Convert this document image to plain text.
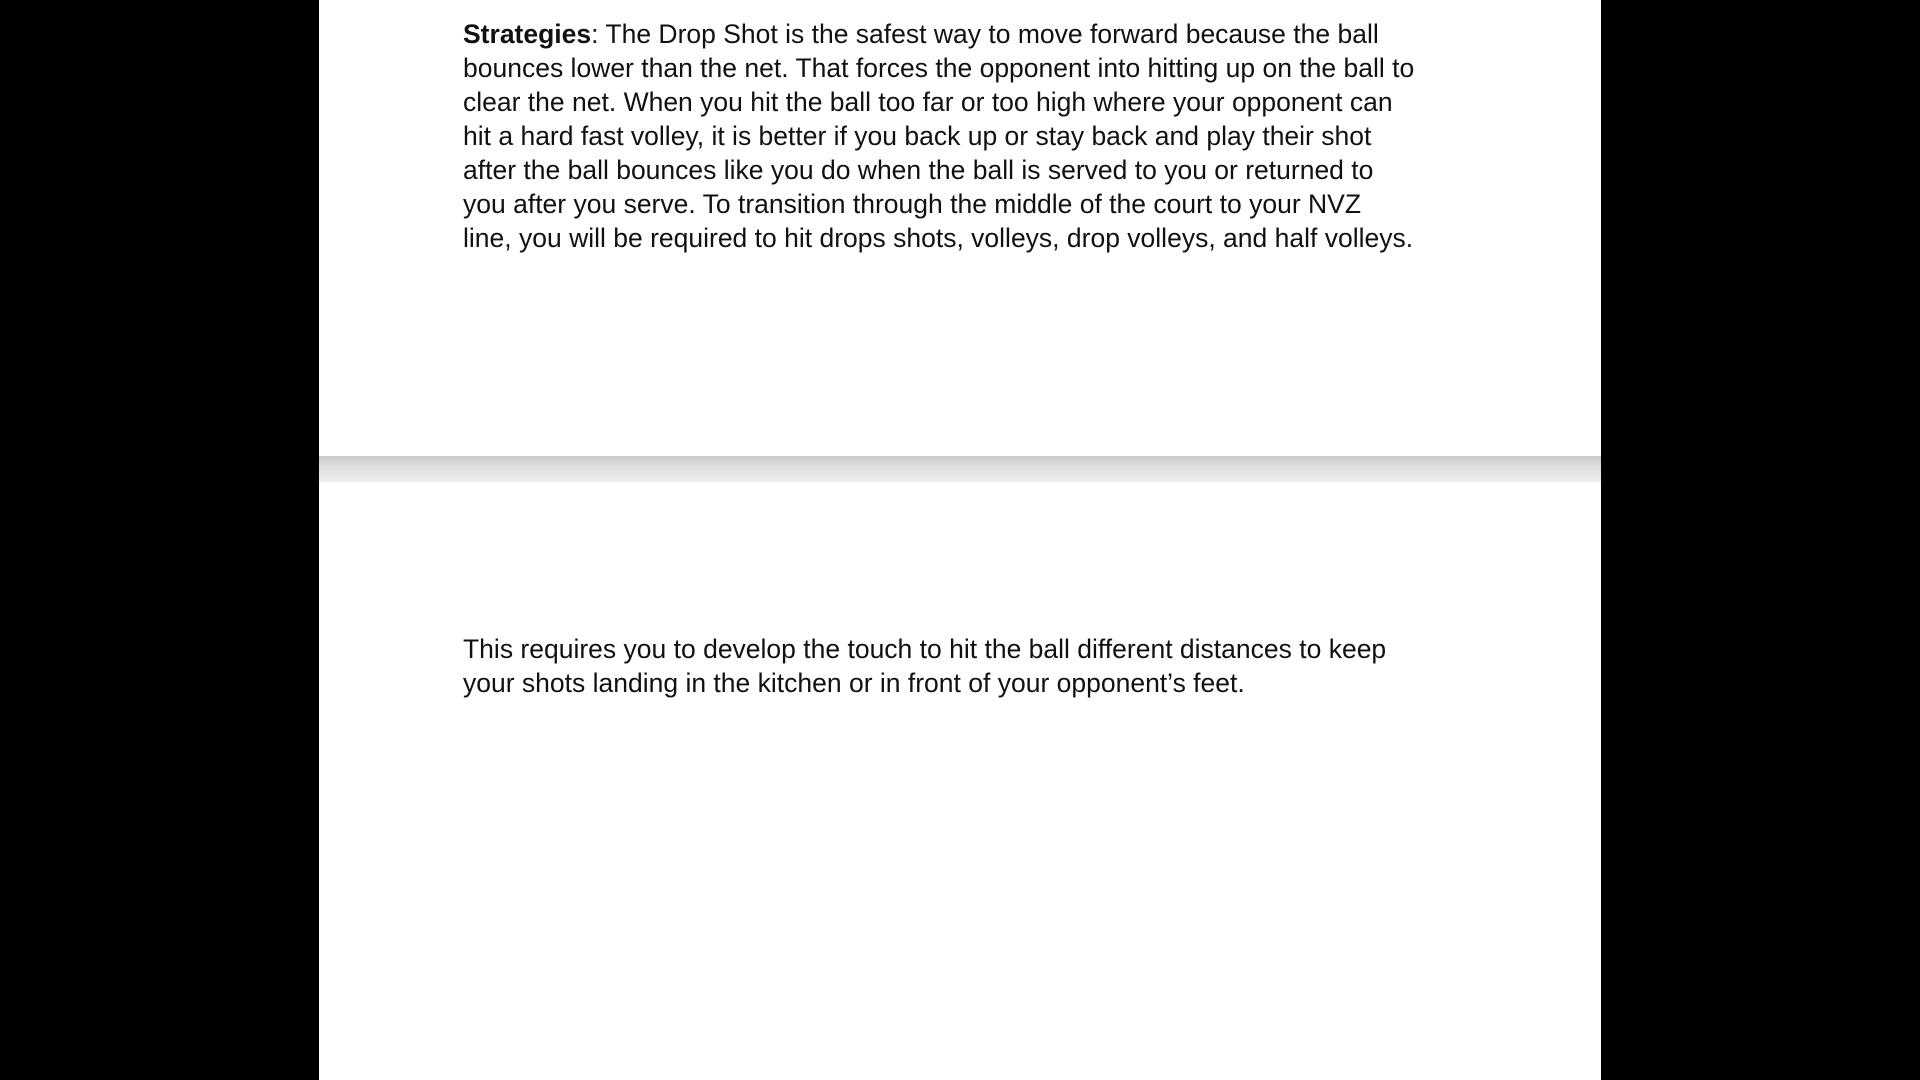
Strategies: The Drop Shot is the safest way to move forward because the ball
bounces lower than the net. That forces the opponent into hitting up on the ball to
clear the net. When you hit the ball too far or too high where your opponent can
hit a hard fast volley, it is better if you back up or stay back and play their shot
after the ball bounces like you do when the ball is served to you or returned to
you after you serve. To transition through the middle of the court to your NVZ
line, you will be required to hit drops shots, volleys, drop volleys, and half volleys.

This requires you to develop the touch to hit the ball different distances to keep
your shots landing in the kitchen or in front of your opponent’s feet.
